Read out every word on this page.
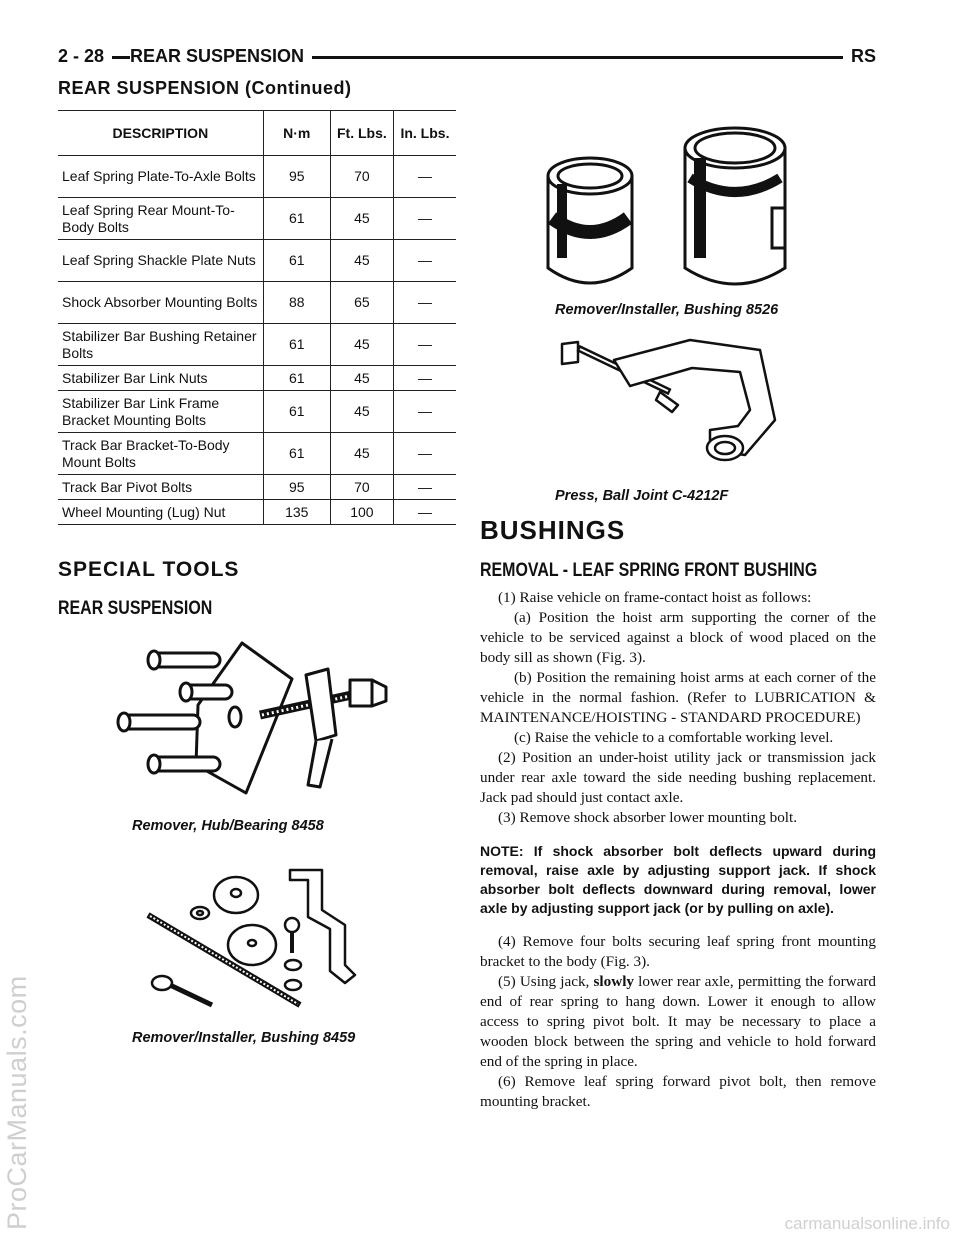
2 - 28	REAR SUSPENSION	RS
REAR SUSPENSION (Continued)
DESCRIPTION	N·m	Ft. Lbs.	In. Lbs.
Leaf Spring Plate-To-Axle Bolts	95	70	—
Leaf Spring Rear Mount-To-Body Bolts	61	45	—
Leaf Spring Shackle Plate Nuts	61	45	—
Shock Absorber Mounting Bolts	88	65	—
Stabilizer Bar Bushing Retainer Bolts	61	45	—
Stabilizer Bar Link Nuts	61	45	—
Stabilizer Bar Link Frame Bracket Mounting Bolts	61	45	—
Track Bar Bracket-To-Body Mount Bolts	61	45	—
Track Bar Pivot Bolts	95	70	—
Wheel Mounting (Lug) Nut	135	100	—
SPECIAL TOOLS
REAR SUSPENSION
Remover, Hub/Bearing 8458
Remover/Installer, Bushing 8459
Remover/Installer, Bushing 8526
Press, Ball Joint C-4212F
BUSHINGS
REMOVAL - LEAF SPRING FRONT BUSHING

(1) Raise vehicle on frame-contact hoist as follows:

(a) Position the hoist arm supporting the corner of the vehicle to be serviced against a block of wood placed on the body sill as shown (Fig. 3).

(b) Position the remaining hoist arms at each corner of the vehicle in the normal fashion. (Refer to LUBRICATION & MAINTENANCE/HOISTING - STANDARD PROCEDURE)

(c) Raise the vehicle to a comfortable working level.

(2) Position an under-hoist utility jack or transmission jack under rear axle toward the side needing bushing replacement. Jack pad should just contact axle.

(3) Remove shock absorber lower mounting bolt.

NOTE: If shock absorber bolt deflects upward during removal, raise axle by adjusting support jack. If shock absorber bolt deflects downward during removal, lower axle by adjusting support jack (or by pulling on axle).

(4) Remove four bolts securing leaf spring front mounting bracket to the body (Fig. 3).

(5) Using jack, slowly lower rear axle, permitting the forward end of rear spring to hang down. Lower it enough to allow access to spring pivot bolt. It may be necessary to place a wooden block between the spring and vehicle to hold forward end of the spring in place.

(6) Remove leaf spring forward pivot bolt, then remove mounting bracket.

ProCarManuals.com	carmanualsonline.info
